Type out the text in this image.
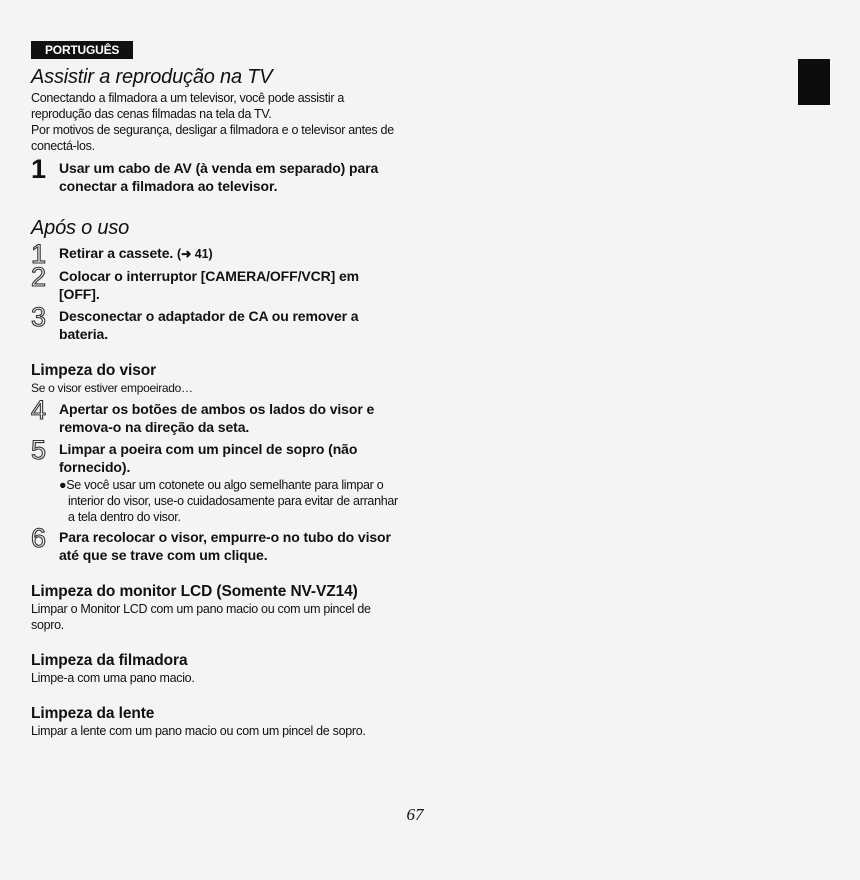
PORTUGUÊS
Assistir a reprodução na TV

Conectando a filmadora a um televisor, você pode assistir a reprodução das cenas filmadas na tela da TV.

Por motivos de segurança, desligar a filmadora e o televisor antes de conectá-los.

1 Usar um cabo de AV (à venda em separado) para conectar a filmadora ao televisor.
Após o uso
1 Retirar a cassete. (➜ 41)
2 Colocar o interruptor [CAMERA/OFF/VCR] em [OFF].
3 Desconectar o adaptador de CA ou remover a bateria.
Limpeza do visor
Se o visor estiver empoeirado…
4 Apertar os botões de ambos os lados do visor e remova-o na direção da seta.
5 Limpar a poeira com um pincel de sopro (não fornecido).
●Se você usar um cotonete ou algo semelhante para limpar o interior do visor, use-o cuidadosamente para evitar de arranhar a tela dentro do visor.
6 Para recolocar o visor, empurre-o no tubo do visor até que se trave com um clique.
Limpeza do monitor LCD (Somente NV-VZ14)

Limpar o Monitor LCD com um pano macio ou com um pincel de sopro.

Limpeza da filmadora

Limpe-a com uma pano macio.

Limpeza da lente

Limpar a lente com um pano macio ou com um pincel de sopro.

67
